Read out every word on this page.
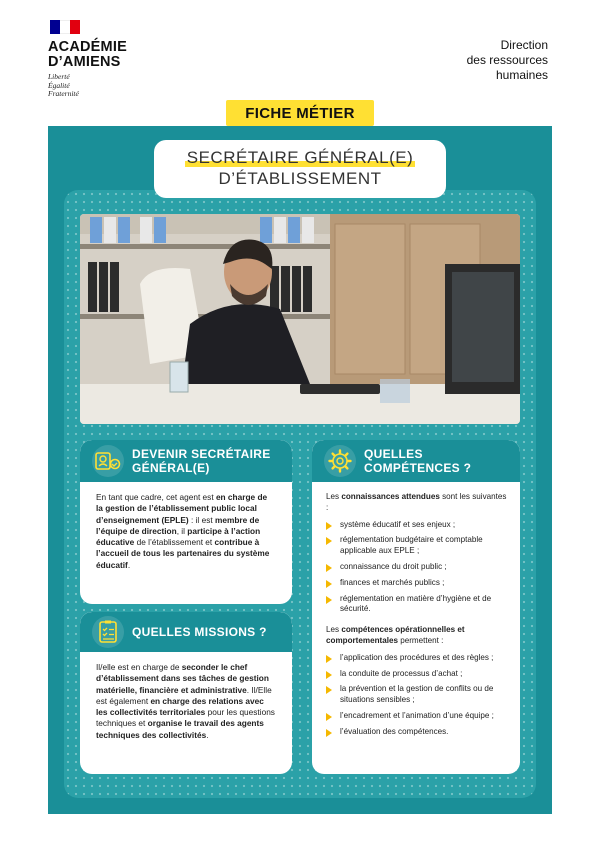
ACADÉMIE
D’AMIENS
Liberté
Égalité
Fraternité
Direction
des ressources
humaines
FICHE MÉTIER
SECRÉTAIRE GÉNÉRAL(E)
D’ÉTABLISSEMENT
DEVENIR SECRÉTAIRE
GÉNÉRAL(E)
En tant que cadre, cet agent est en charge de la gestion de l’établissement public local d’enseignement (EPLE) : il est membre de l’équipe de direction, il participe à l’action éducative de l’établissement et contribue à l’accueil de tous les partenaires du système éducatif.
QUELLES MISSIONS ?
Il/elle est en charge de seconder le chef d’établissement dans ses tâches de gestion matérielle, financière et administrative. Il/Elle est également en charge des relations avec les collectivités territoriales pour les questions techniques et organise le travail des agents techniques des collectivités.
QUELLES
COMPÉTENCES ?
Les connaissances attendues sont les suivantes :
système éducatif et ses enjeux ;
réglementation budgétaire et comptable applicable aux EPLE ;
connaissance du droit public ;
finances et marchés publics ;
réglementation en matière d’hygiène et de sécurité.
Les compétences opérationnelles et comportementales permettent :
l’application des procédures et des règles ;
la conduite de processus d’achat ;
la prévention et la gestion de conflits ou de situations sensibles ;
l’encadrement et l’animation d’une équipe ;
l’évaluation des compétences.
